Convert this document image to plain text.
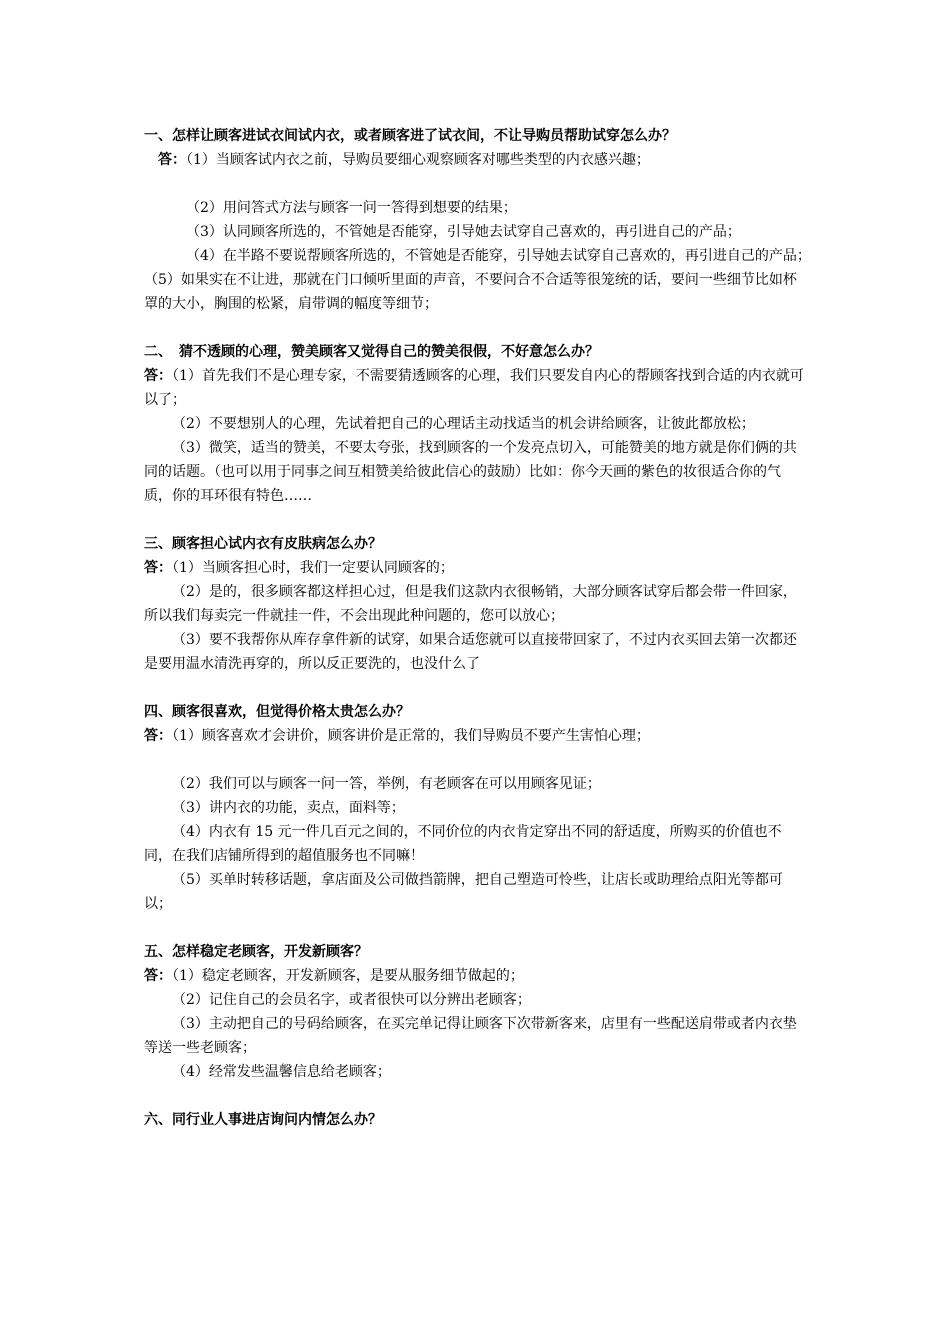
一、怎样让顾客进试衣间试内衣，或者顾客进了试衣间，不让导购员帮助试穿怎么办？
答：（1）当顾客试内衣之前，导购员要细心观察顾客对哪些类型的内衣感兴趣；
（2）用问答式方法与顾客一问一答得到想要的结果；
（3）认同顾客所选的，不管她是否能穿，引导她去试穿自己喜欢的，再引进自己的产品；
（4）在半路不要说帮顾客所选的，不管她是否能穿，引导她去试穿自己喜欢的，再引进自己的产品；　　（5）如果实在不让进，那就在门口倾听里面的声音，不要问合不合适等很笼统的话，要问一些细节比如杯罩的大小，胸围的松紧，肩带调的幅度等细节；
二、　猜不透顾的心理，赞美顾客又觉得自己的赞美很假，不好意怎么办？
答：（1）首先我们不是心理专家，不需要猜透顾客的心理，我们只要发自内心的帮顾客找到合适的内衣就可以了；
（2）不要想别人的心理，先试着把自己的心理话主动找适当的机会讲给顾客，让彼此都放松；
（3）微笑，适当的赞美，不要太夸张，找到顾客的一个发亮点切入，可能赞美的地方就是你们俩的共同的话题。（也可以用于同事之间互相赞美给彼此信心的鼓励）比如：你今天画的紫色的妆很适合你的气质，你的耳环很有特色……
三、顾客担心试内衣有皮肤病怎么办？
答：（1）当顾客担心时，我们一定要认同顾客的；
（2）是的，很多顾客都这样担心过，但是我们这款内衣很畅销，大部分顾客试穿后都会带一件回家，所以我们每卖完一件就挂一件，不会出现此种问题的，您可以放心；
（3）要不我帮你从库存拿件新的试穿，如果合适您就可以直接带回家了，不过内衣买回去第一次都还是要用温水清洗再穿的，所以反正要洗的，也没什么了
四、顾客很喜欢，但觉得价格太贵怎么办？
答：（1）顾客喜欢才会讲价，顾客讲价是正常的，我们导购员不要产生害怕心理；
（2）我们可以与顾客一问一答，举例，有老顾客在可以用顾客见证；
（3）讲内衣的功能，卖点，面料等；
（4）内衣有 15 元一件几百元之间的，不同价位的内衣肯定穿出不同的舒适度，所购买的价值也不同，在我们店铺所得到的超值服务也不同嘛！
（5）买单时转移话题，拿店面及公司做挡箭牌，把自己塑造可怜些，让店长或助理给点阳光等都可以；
五、怎样稳定老顾客，开发新顾客？
答：（1）稳定老顾客，开发新顾客，是要从服务细节做起的；
（2）记住自己的会员名字，或者很快可以分辨出老顾客；
（3）主动把自己的号码给顾客，在买完单记得让顾客下次带新客来，店里有一些配送肩带或者内衣垫等送一些老顾客；
（4）经常发些温馨信息给老顾客；
六、同行业人事进店询问内情怎么办？
